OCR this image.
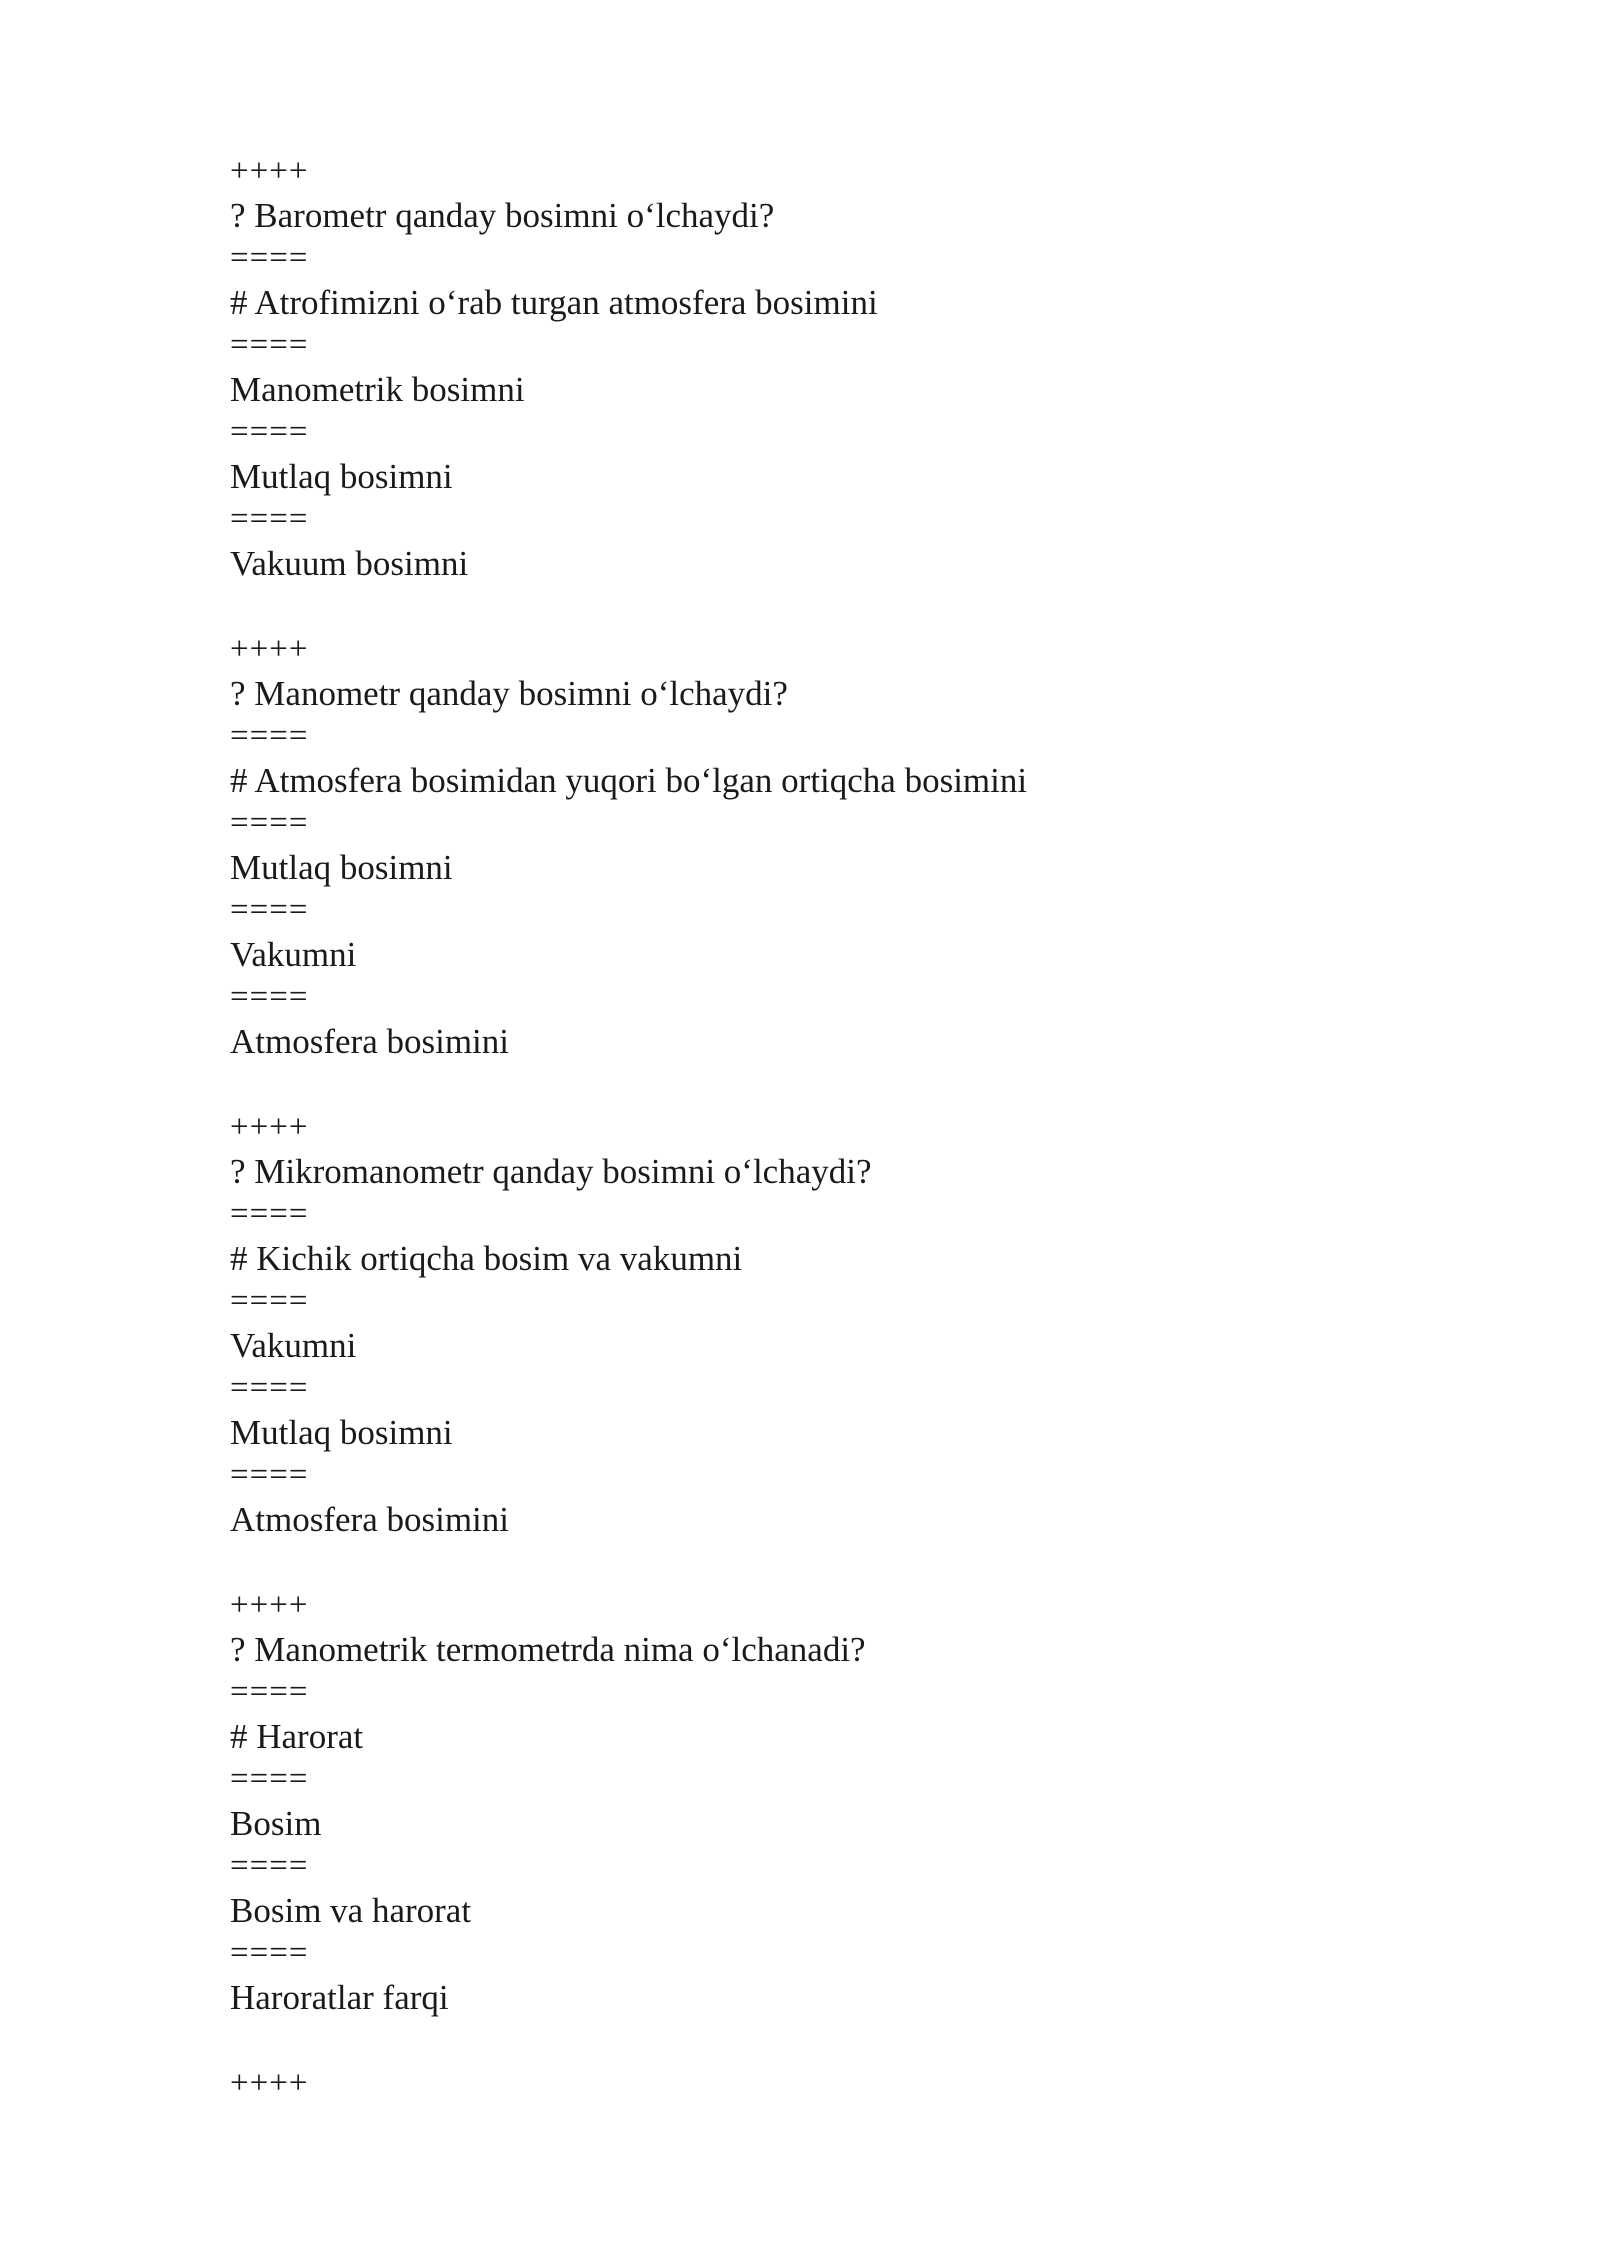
++++
? Barometr qanday bosimni o‘lchaydi?
====
# Atrofimizni o‘rab turgan atmosfera bosimini
====
Manometrik bosimni
====
Mutlaq bosimni
====
Vakuum bosimni
++++
? Manometr qanday bosimni o‘lchaydi?
====
# Atmosfera bosimidan yuqori bo‘lgan ortiqcha bosimini
====
Mutlaq bosimni
====
Vakumni
====
Atmosfera bosimini
++++
? Mikromanometr qanday bosimni o‘lchaydi?
====
# Kichik ortiqcha bosim va vakumni
====
Vakumni
====
Mutlaq bosimni
====
Atmosfera bosimini
++++
? Manometrik termometrda nima o‘lchanadi?
====
# Harorat
====
Bosim
====
Bosim va harorat
====
Haroratlar farqi
++++
